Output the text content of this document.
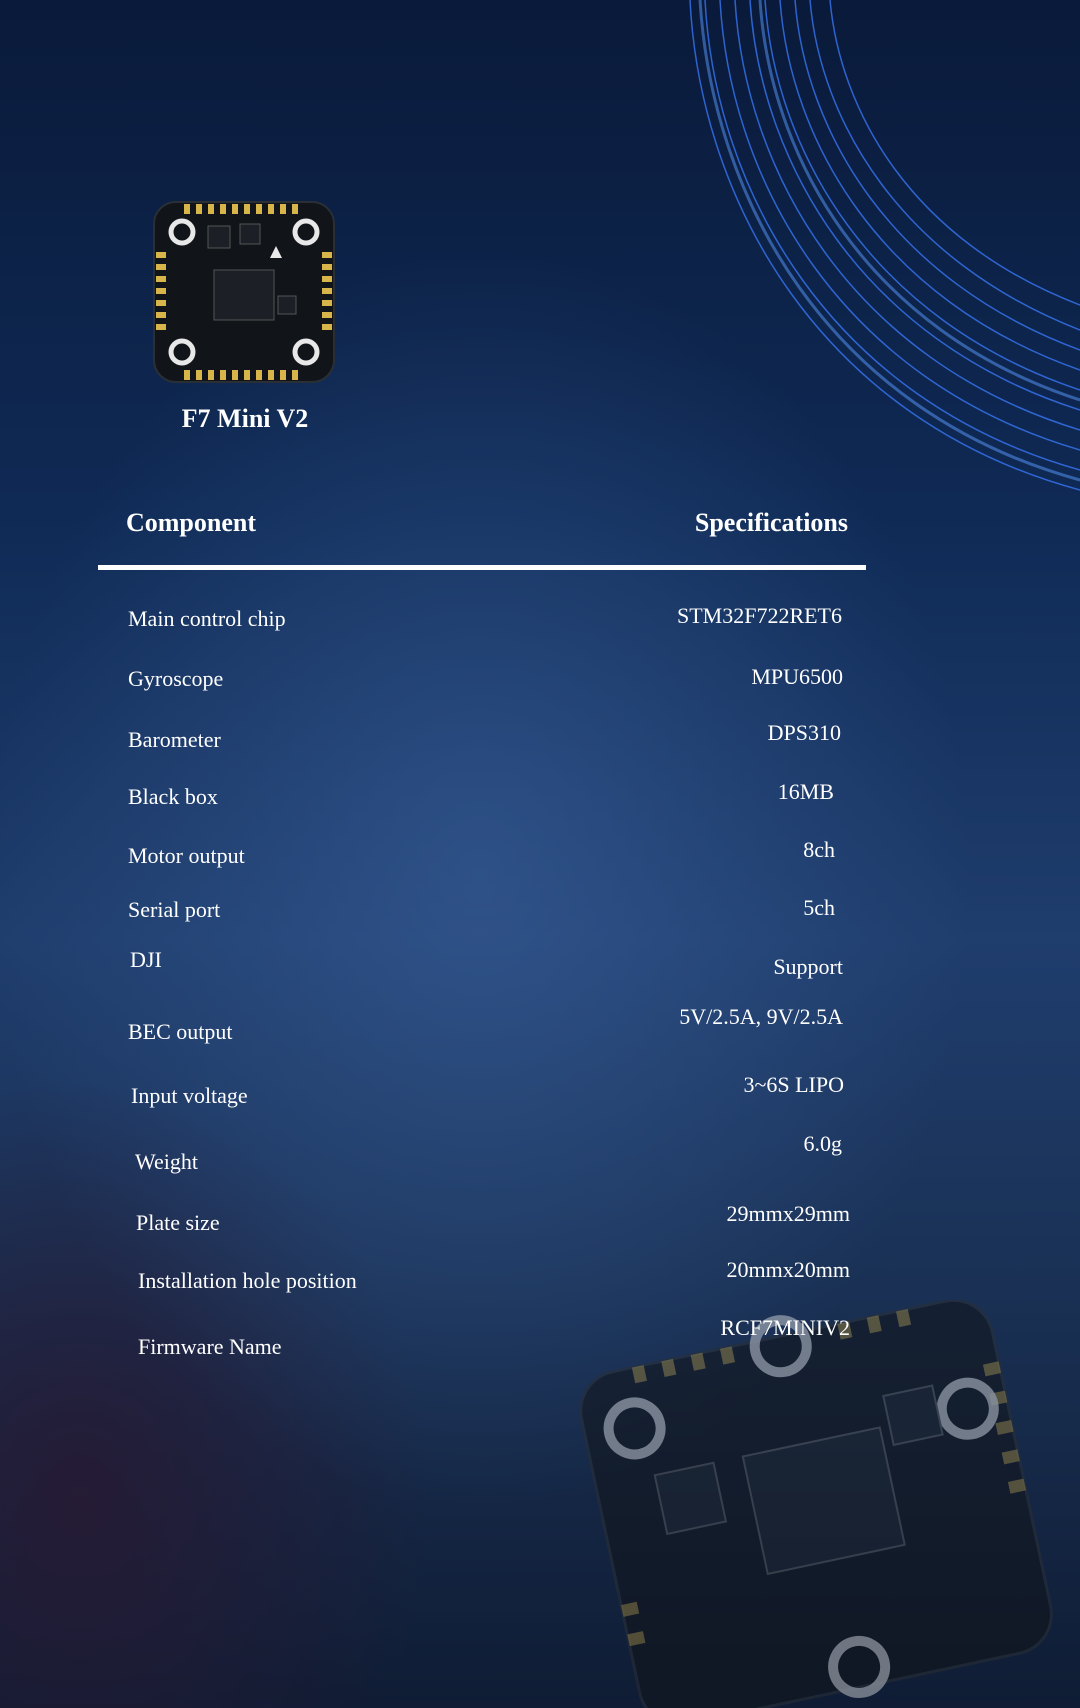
F7 Mini V2
Component	Specifications
Main control chip
Gyroscope
Barometer
Black box
Motor output
Serial port
DJI
BEC output
Input voltage
Weight
Plate size
Installation hole position
Firmware Name
STM32F722RET6
MPU6500
DPS310
16MB
8ch
5ch
Support
5V/2.5A, 9V/2.5A
3~6S LIPO
6.0g
29mmx29mm
20mmx20mm
RCF7MINIV2
